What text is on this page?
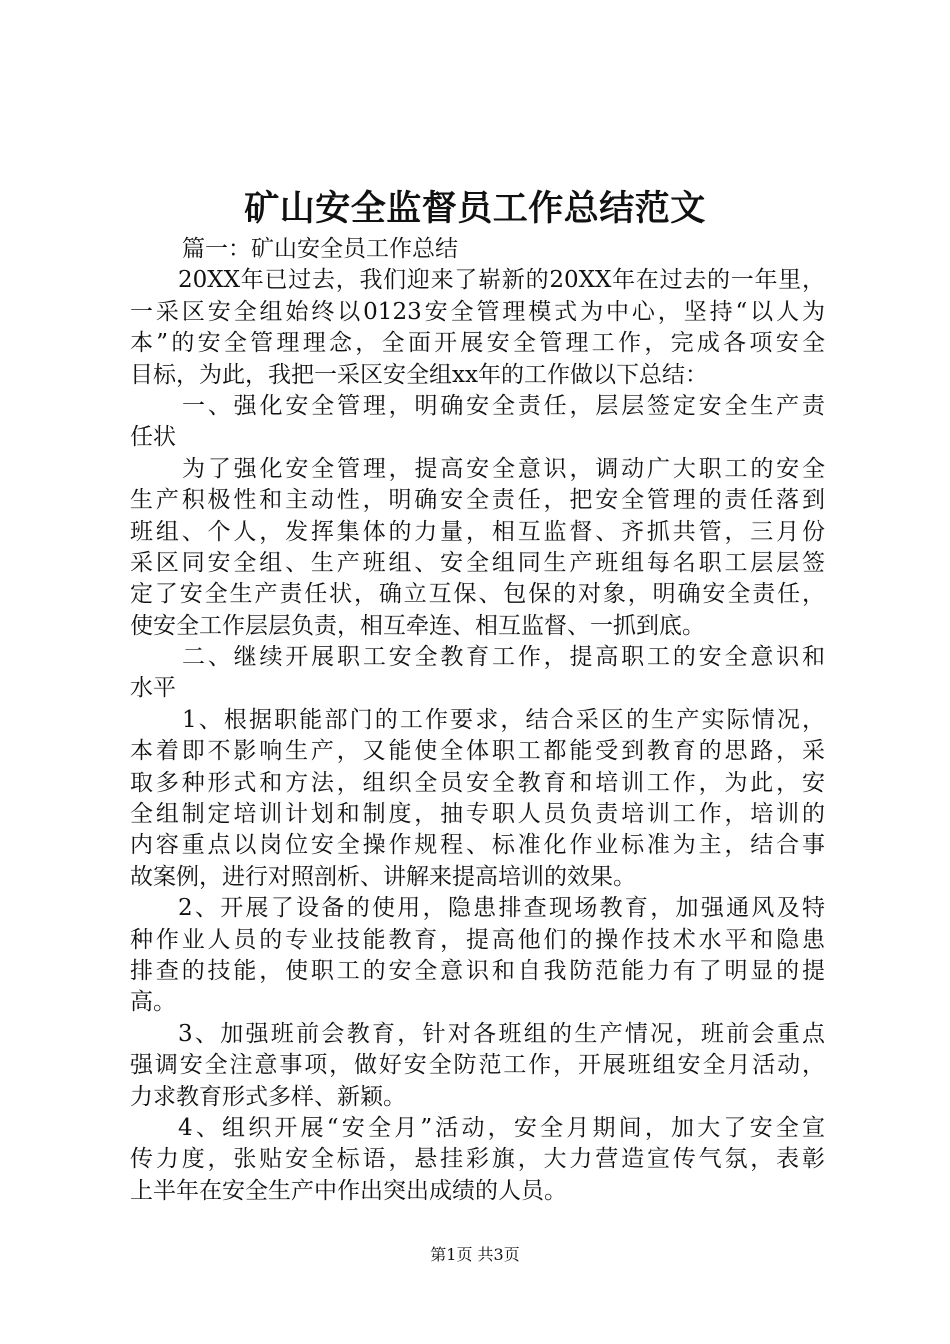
矿山安全监督员工作总结范文
篇一：矿山安全员工作总结
20XX年已过去，我们迎来了崭新的20XX年在过去的一年里，
一采区安全组始终以0123安全管理模式为中心，坚持“以人为
本”的安全管理理念，全面开展安全管理工作，完成各项安全
目标，为此，我把一采区安全组xx年的工作做以下总结：
一、强化安全管理，明确安全责任，层层签定安全生产责
任状
为了强化安全管理，提高安全意识，调动广大职工的安全
生产积极性和主动性，明确安全责任，把安全管理的责任落到
班组、个人，发挥集体的力量，相互监督、齐抓共管，三月份
采区同安全组、生产班组、安全组同生产班组每名职工层层签
定了安全生产责任状，确立互保、包保的对象，明确安全责任，
使安全工作层层负责，相互牵连、相互监督、一抓到底。
二、继续开展职工安全教育工作，提高职工的安全意识和
水平
1、根据职能部门的工作要求，结合采区的生产实际情况，
本着即不影响生产，又能使全体职工都能受到教育的思路，采
取多种形式和方法，组织全员安全教育和培训工作，为此，安
全组制定培训计划和制度，抽专职人员负责培训工作，培训的
内容重点以岗位安全操作规程、标准化作业标准为主，结合事
故案例，进行对照剖析、讲解来提高培训的效果。
2、开展了设备的使用，隐患排查现场教育，加强通风及特
种作业人员的专业技能教育，提高他们的操作技术水平和隐患
排查的技能，使职工的安全意识和自我防范能力有了明显的提
高。
3、加强班前会教育，针对各班组的生产情况，班前会重点
强调安全注意事项，做好安全防范工作，开展班组安全月活动，
力求教育形式多样、新颖。
4、组织开展“安全月”活动，安全月期间，加大了安全宣
传力度，张贴安全标语，悬挂彩旗，大力营造宣传气氛，表彰
上半年在安全生产中作出突出成绩的人员。
第1页 共3页
